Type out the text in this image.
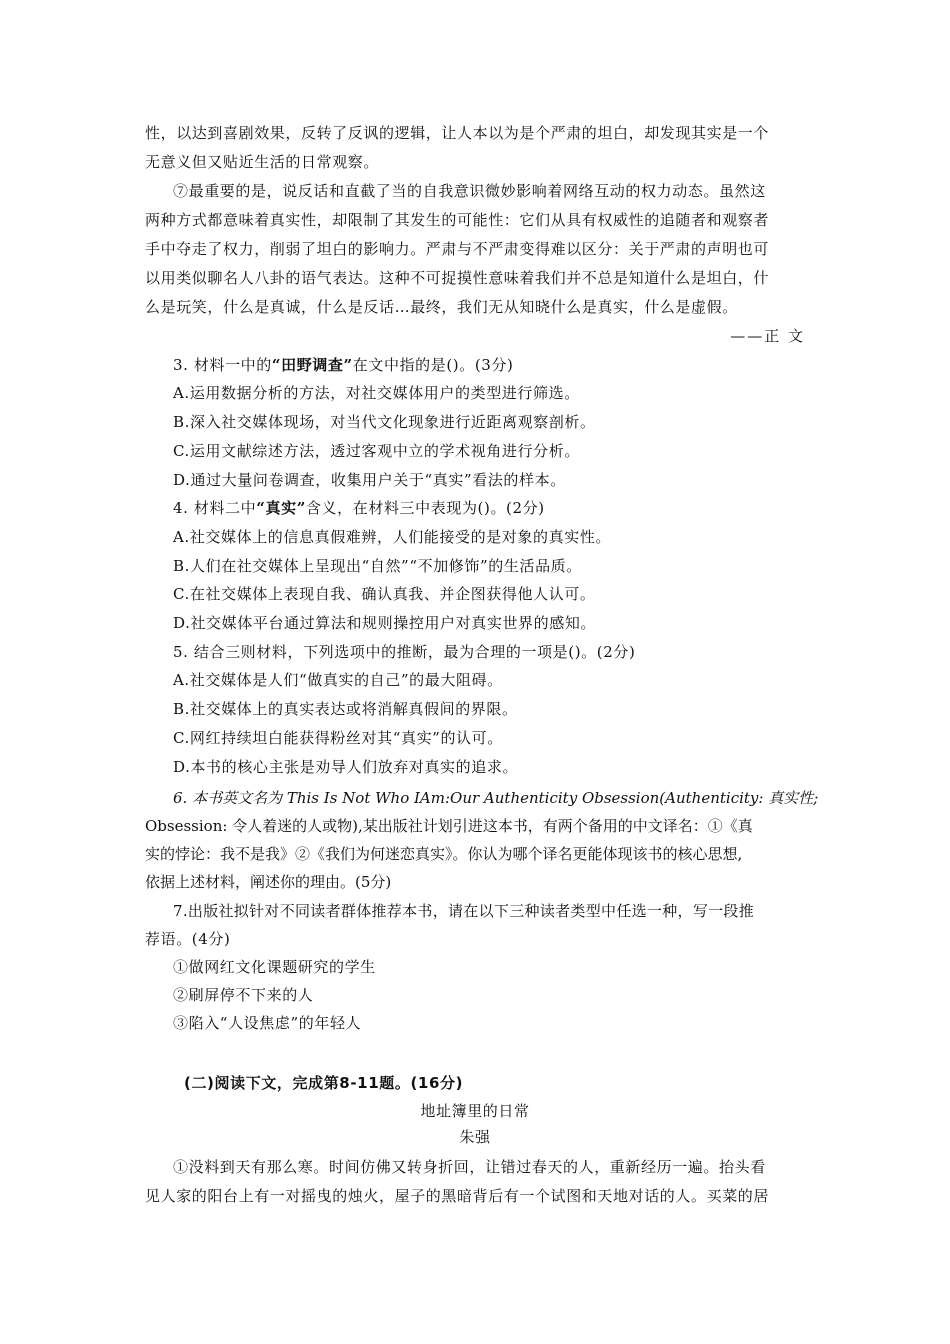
性，以达到喜剧效果，反转了反讽的逻辑，让人本以为是个严肃的坦白，却发现其实是一个
无意义但又贴近生活的日常观察。
⑦最重要的是，说反话和直截了当的自我意识微妙影响着网络互动的权力动态。虽然这
两种方式都意味着真实性，却限制了其发生的可能性：它们从具有权威性的追随者和观察者
手中夺走了权力，削弱了坦白的影响力。严肃与不严肃变得难以区分：关于严肃的声明也可
以用类似聊名人八卦的语气表达。这种不可捉摸性意味着我们并不总是知道什么是坦白，什
么是玩笑，什么是真诚，什么是反话…最终，我们无从知晓什么是真实，什么是虚假。
——正 文
3. 材料一中的“田野调查”在文中指的是()。(3分)
A.运用数据分析的方法，对社交媒体用户的类型进行筛选。
B.深入社交媒体现场，对当代文化现象进行近距离观察剖析。
C.运用文献综述方法，透过客观中立的学术视角进行分析。
D.通过大量问卷调查，收集用户关于“真实”看法的样本。
4. 材料二中“真实”含义，在材料三中表现为()。(2分)
A.社交媒体上的信息真假难辨，人们能接受的是对象的真实性。
B.人们在社交媒体上呈现出“自然”“不加修饰”的生活品质。
C.在社交媒体上表现自我、确认真我、并企图获得他人认可。
D.社交媒体平台通过算法和规则操控用户对真实世界的感知。
5. 结合三则材料，下列选项中的推断，最为合理的一项是()。(2分)
A.社交媒体是人们“做真实的自己”的最大阻碍。
B.社交媒体上的真实表达或将消解真假间的界限。
C.网红持续坦白能获得粉丝对其“真实”的认可。
D.本书的核心主张是劝导人们放弃对真实的追求。
6. 本书英文名为 This Is Not Who IAm:Our Authenticity Obsession(Authenticity: 真实性;
Obsession: 令人着迷的人或物),某出版社计划引进这本书，有两个备用的中文译名：①《真
实的悖论：我不是我》②《我们为何迷恋真实》。你认为哪个译名更能体现该书的核心思想,
依据上述材料，阐述你的理由。(5分)
7.出版社拟针对不同读者群体推荐本书，请在以下三种读者类型中任选一种，写一段推
荐语。(4分)
①做网红文化课题研究的学生
②刷屏停不下来的人
③陷入“人设焦虑”的年轻人
(二)阅读下文，完成第8-11题。(16分)
地址簿里的日常
朱强
①没料到天有那么寒。时间仿佛又转身折回，让错过春天的人，重新经历一遍。抬头看
见人家的阳台上有一对摇曳的烛火，屋子的黑暗背后有一个试图和天地对话的人。买菜的居
